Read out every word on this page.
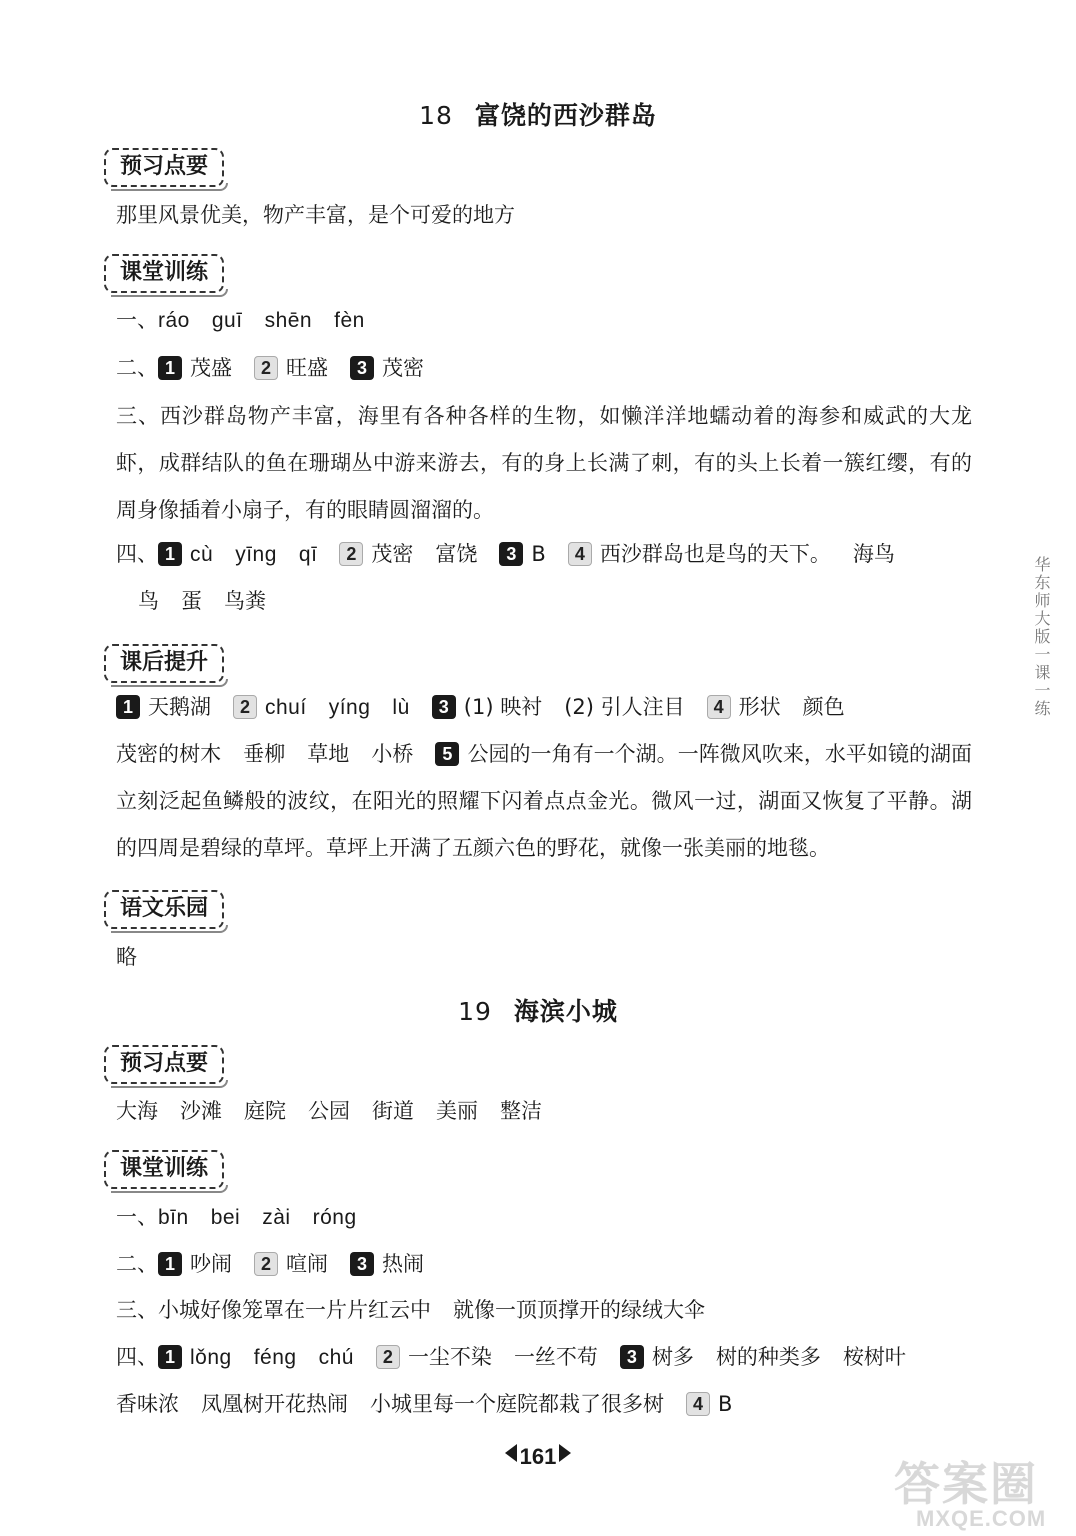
18 富饶的西沙群岛
预习点要
那里风景优美，物产丰富，是个可爱的地方
课堂训练
一、ráo guī shēn fèn
二、 1 茂盛 2 旺盛 3 茂密
三、西沙群岛物产丰富，海里有各种各样的生物，如懒洋洋地蠕动着的海参和威武的大龙虾，成群结队的鱼在珊瑚丛中游来游去，有的身上长满了刺，有的头上长着一簇红缨，有的周身像插着小扇子，有的眼睛圆溜溜的。
四、 1 cù yīng qī 2 茂密 富饶 3 B 4 西沙群岛也是鸟的天下。 海鸟
鸟 蛋 鸟粪
课后提升
1 天鹅湖 2 chuí yíng lù 3 (1) 映衬 (2) 引人注目 4 形状 颜色
茂密的树木 垂柳 草地 小桥 5 公园的一角有一个湖。一阵微风吹来，水平如镜的湖面立刻泛起鱼鳞般的波纹，在阳光的照耀下闪着点点金光。微风一过，湖面又恢复了平静。湖的四周是碧绿的草坪。草坪上开满了五颜六色的野花，就像一张美丽的地毯。
语文乐园
略
19 海滨小城
预习点要
大海 沙滩 庭院 公园 街道 美丽 整洁
课堂训练
一、bīn bei zài róng
二、 1 吵闹 2 喧闹 3 热闹
三、小城好像笼罩在一片片红云中 就像一顶顶撑开的绿绒大伞
四、 1 lǒng féng chú 2 一尘不染 一丝不苟 3 树多 树的种类多 桉树叶
香味浓 凤凰树开花热闹 小城里每一个庭院都栽了很多树 4 B
华东师大版一课一练
161
答案圈
MXQE.COM
